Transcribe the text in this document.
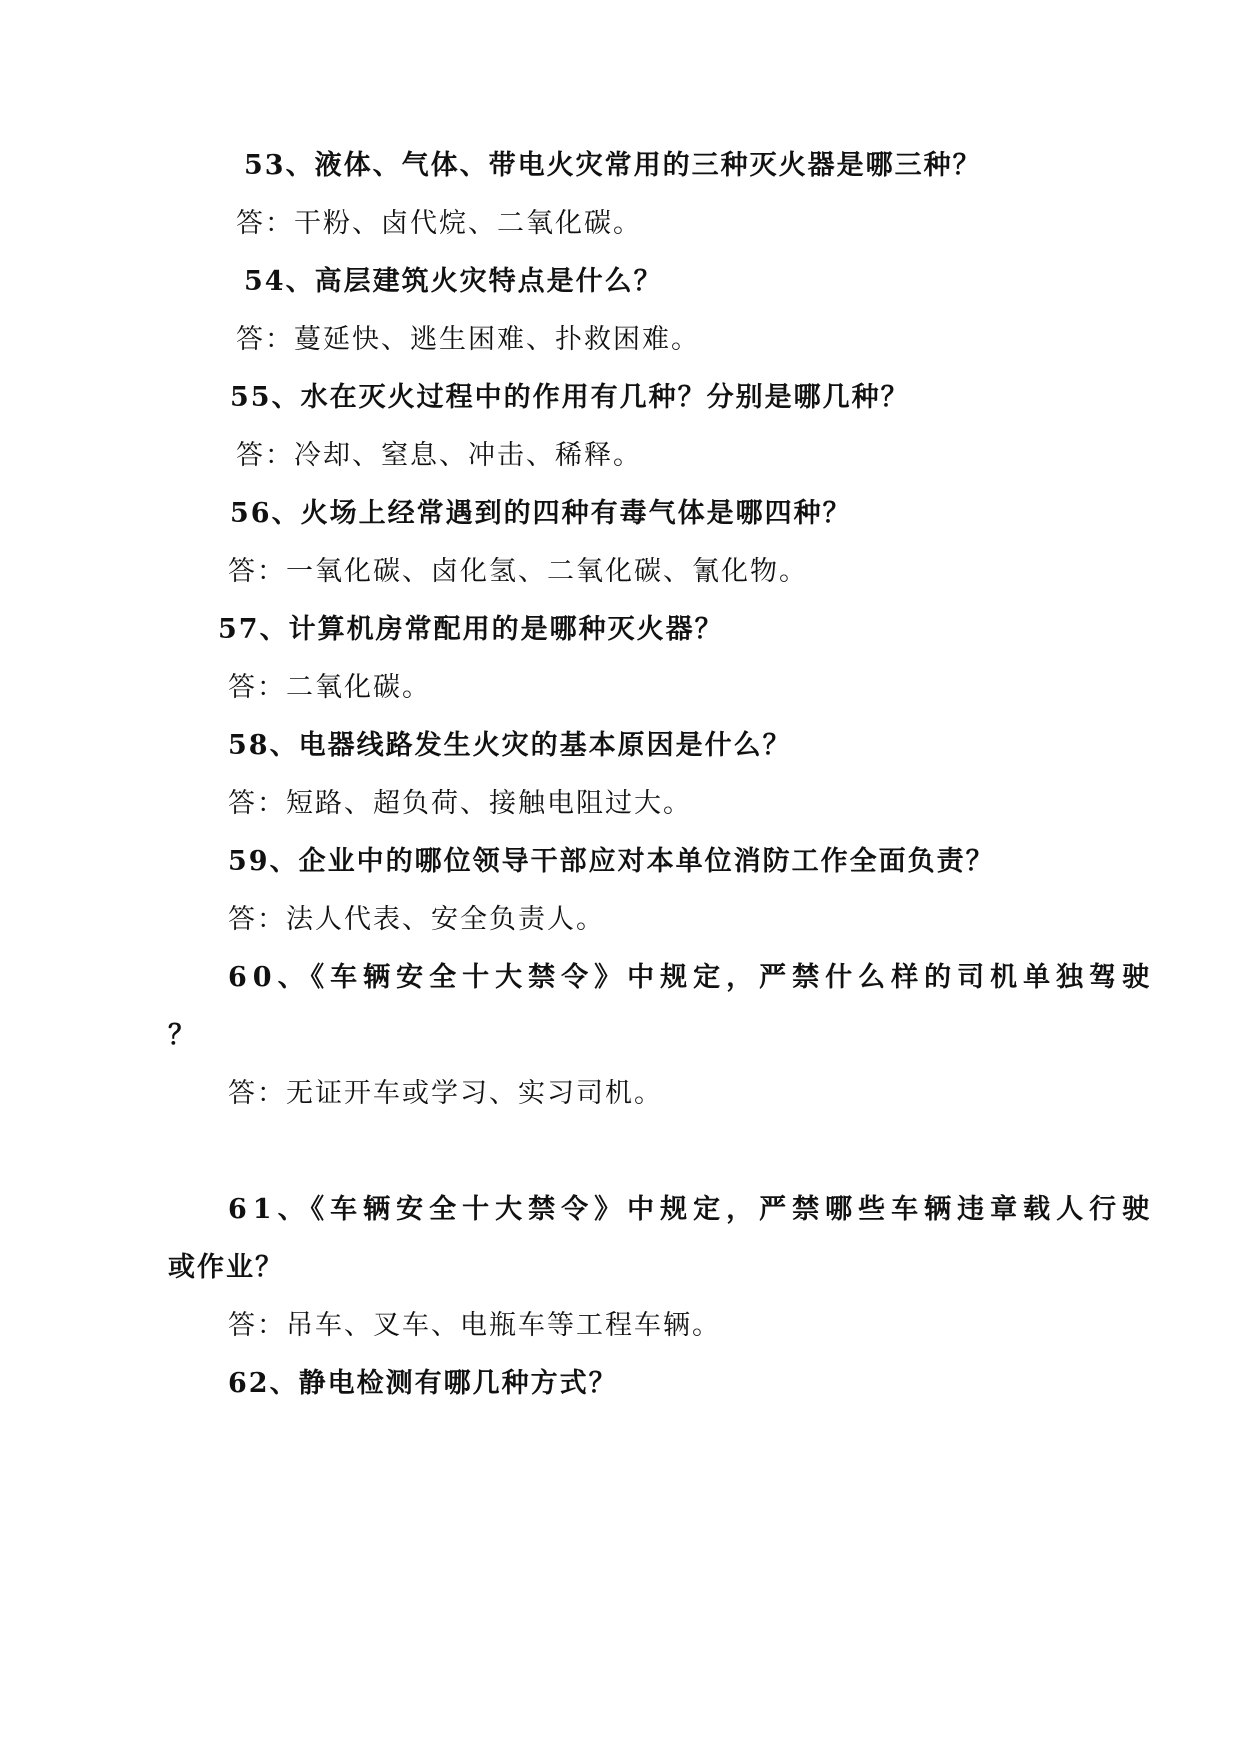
53、液体、气体、带电火灾常用的三种灭火器是哪三种？
答：干粉、卤代烷、二氧化碳。
54、高层建筑火灾特点是什么？
答：蔓延快、逃生困难、扑救困难。
55、水在灭火过程中的作用有几种？分别是哪几种？
答：冷却、窒息、冲击、稀释。
56、火场上经常遇到的四种有毒气体是哪四种？
答：一氧化碳、卤化氢、二氧化碳、氰化物。
57、计算机房常配用的是哪种灭火器？
答：二氧化碳。
58、电器线路发生火灾的基本原因是什么？
答：短路、超负荷、接触电阻过大。
59、企业中的哪位领导干部应对本单位消防工作全面负责？
答：法人代表、安全负责人。
60、《车辆安全十大禁令》中规定，严禁什么样的司机单独驾驶
？
答：无证开车或学习、实习司机。
61、《车辆安全十大禁令》中规定，严禁哪些车辆违章载人行驶
或作业？
答：吊车、叉车、电瓶车等工程车辆。
62、静电检测有哪几种方式？
